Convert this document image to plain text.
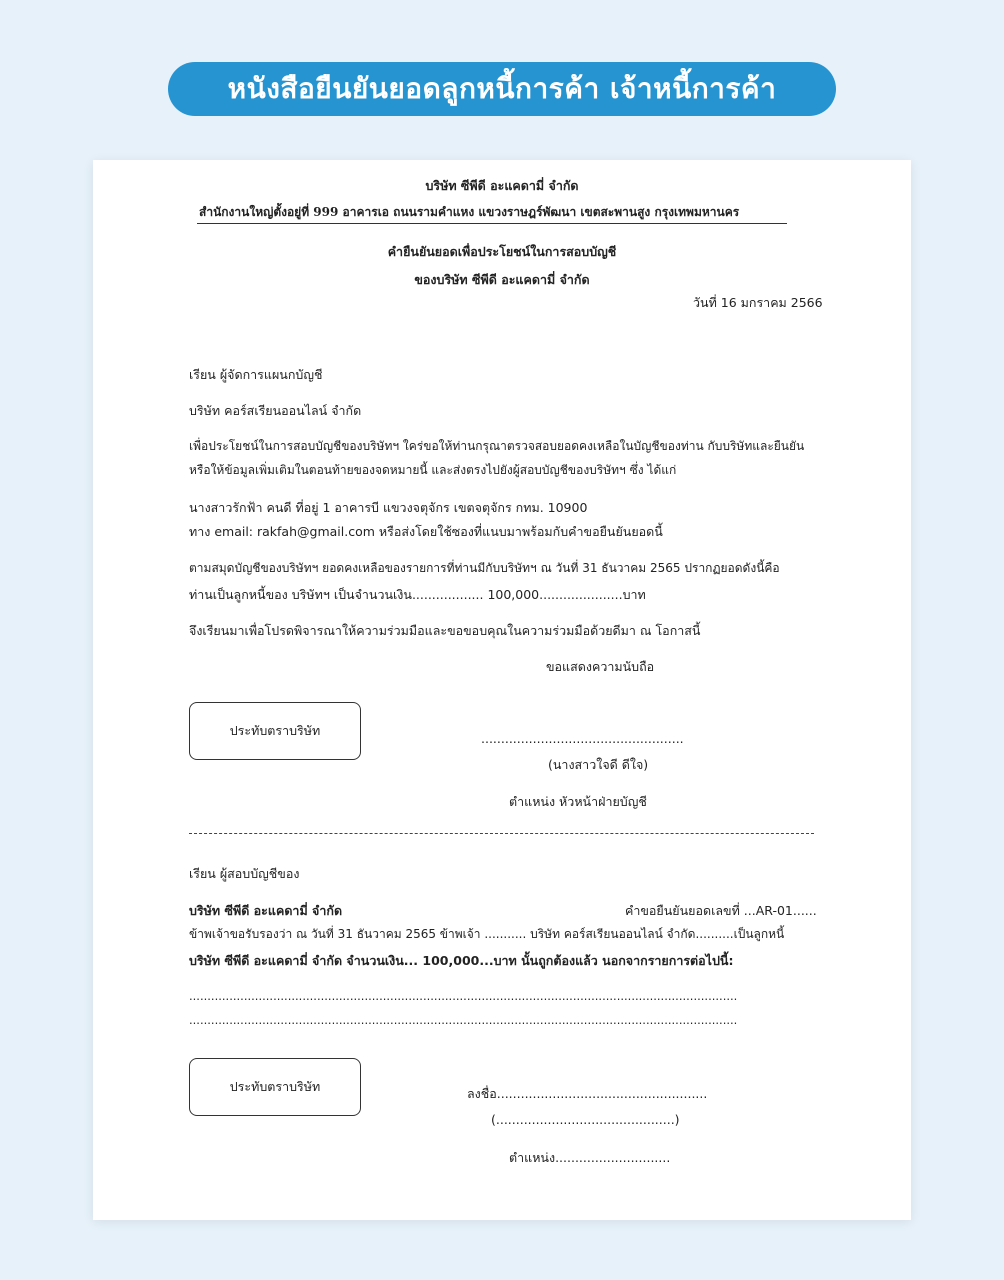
หนังสือยืนยันยอดลูกหนี้การค้า เจ้าหนี้การค้า
บริษัท ซีพีดี อะแคดามี่ จำกัด
สำนักงานใหญ่ตั้งอยู่ที่ 999 อาคารเอ ถนนรามคำแหง แขวงราษฎร์พัฒนา เขตสะพานสูง กรุงเทพมหานคร
คำยืนยันยอดเพื่อประโยชน์ในการสอบบัญชี
ของบริษัท ซีพีดี อะแคดามี่ จำกัด
วันที่ 16 มกราคม 2566
เรียน ผู้จัดการแผนกบัญชี
บริษัท คอร์สเรียนออนไลน์ จำกัด
เพื่อประโยชน์ในการสอบบัญชีของบริษัทฯ ใคร่ขอให้ท่านกรุณาตรวจสอบยอดคงเหลือในบัญชีของท่าน กับบริษัทและยืนยัน
หรือให้ข้อมูลเพิ่มเติมในตอนท้ายของจดหมายนี้ และส่งตรงไปยังผู้สอบบัญชีของบริษัทฯ ซึ่ง ได้แก่
นางสาวรักฟ้า คนดี ที่อยู่ 1 อาคารบี แขวงจตุจักร เขตจตุจักร กทม. 10900
ทาง email: rakfah@gmail.com หรือส่งโดยใช้ซองที่แนบมาพร้อมกับคำขอยืนยันยอดนี้
ตามสมุดบัญชีของบริษัทฯ ยอดคงเหลือของรายการที่ท่านมีกับบริษัทฯ ณ วันที่ 31 ธันวาคม 2565 ปรากฏยอดดังนี้คือ
ท่านเป็นลูกหนี้ของ บริษัทฯ เป็นจำนวนเงิน.................. 100,000.....................บาท
จึงเรียนมาเพื่อโปรดพิจารณาให้ความร่วมมือและขอขอบคุณในความร่วมมือด้วยดีมา ณ โอกาสนี้
ขอแสดงความนับถือ
ประทับตราบริษัท
...................................................
(นางสาวใจดี ดีใจ)
ตำแหน่ง หัวหน้าฝ่ายบัญชี
เรียน ผู้สอบบัญชีของ
บริษัท ซีพีดี อะแคดามี่ จำกัด	คำขอยืนยันยอดเลขที่ ...AR-01......
ข้าพเจ้าขอรับรองว่า ณ วันที่ 31 ธันวาคม 2565 ข้าพเจ้า ........... บริษัท คอร์สเรียนออนไลน์ จำกัด..........เป็นลูกหนี้
บริษัท ซีพีดี อะแคดามี่ จำกัด จำนวนเงิน... 100,000...บาท นั้นถูกต้องแล้ว นอกจากรายการต่อไปนี้:
......................................................................................................................................................
......................................................................................................................................................
ประทับตราบริษัท	ลงชื่อ.....................................................
(.............................................)
ตำแหน่ง.............................
